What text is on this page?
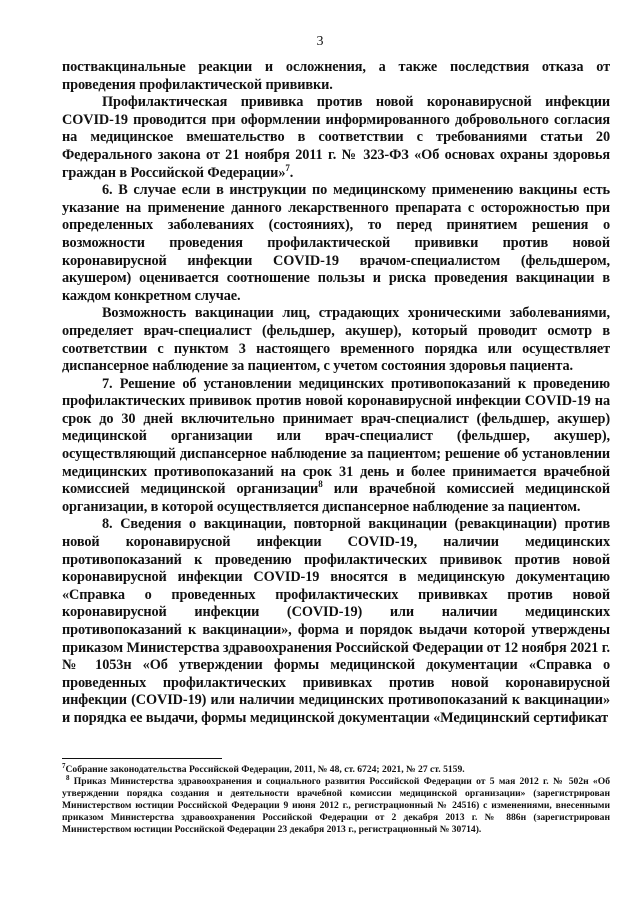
3

поствакцинальные реакции и осложнения, а также последствия отказа от проведения профилактической прививки.

Профилактическая прививка против новой коронавирусной инфекции COVID-19 проводится при оформлении информированного добровольного согласия на медицинское вмешательство в соответствии с требованиями статьи 20 Федерального закона от 21 ноября 2011 г. № 323-ФЗ «Об основах охраны здоровья граждан в Российской Федерации»$^7$.

6. В случае если в инструкции по медицинскому применению вакцины есть указание на применение данного лекарственного препарата с осторожностью при определенных заболеваниях (состояниях), то перед принятием решения о возможности проведения профилактической прививки против новой коронавирусной инфекции COVID-19 врачом-специалистом (фельдшером, акушером) оценивается соотношение пользы и риска проведения вакцинации в каждом конкретном случае.

Возможность вакцинации лиц, страдающих хроническими заболеваниями, определяет врач-специалист (фельдшер, акушер), который проводит осмотр в соответствии с пунктом 3 настоящего временного порядка или осуществляет диспансерное наблюдение за пациентом, с учетом состояния здоровья пациента.

7. Решение об установлении медицинских противопоказаний к проведению профилактических прививок против новой коронавирусной инфекции COVID-19 на срок до 30 дней включительно принимает врач-специалист (фельдшер, акушер) медицинской организации или врач-специалист (фельдшер, акушер), осуществляющий диспансерное наблюдение за пациентом; решение об установлении медицинских противопоказаний на срок 31 день и более принимается врачебной комиссией медицинской организации$^8$ или врачебной комиссией медицинской организации, в которой осуществляется диспансерное наблюдение за пациентом.

8. Сведения о вакцинации, повторной вакцинации (ревакцинации) против новой коронавирусной инфекции COVID-19, наличии медицинских противопоказаний к проведению профилактических прививок против новой коронавирусной инфекции COVID-19 вносятся в медицинскую документацию «Справка о проведенных профилактических прививках против новой коронавирусной инфекции (COVID-19) или наличии медицинских противопоказаний к вакцинации», форма и порядок выдачи которой утверждены приказом Министерства здравоохранения Российской Федерации от 12 ноября 2021 г. № 1053н «Об утверждении формы медицинской документации «Справка о проведенных профилактических прививках против новой коронавирусной инфекции (COVID-19) или наличии медицинских противопоказаний к вакцинации» и порядка ее выдачи, формы медицинской документации «Медицинский сертификат

$^7$Собрание законодательства Российской Федерации, 2011, № 48, ст. 6724; 2021, № 27 ст. 5159.

$^8$ Приказ Министерства здравоохранения и социального развития Российской Федерации от 5 мая 2012 г. № 502н «Об утверждении порядка создания и деятельности врачебной комиссии медицинской организации» (зарегистрирован Министерством юстиции Российской Федерации 9 июня 2012 г., регистрационный № 24516) с изменениями, внесенными приказом Министерства здравоохранения Российской Федерации от 2 декабря 2013 г. № 886н (зарегистрирован Министерством юстиции Российской Федерации 23 декабря 2013 г., регистрационный № 30714).
